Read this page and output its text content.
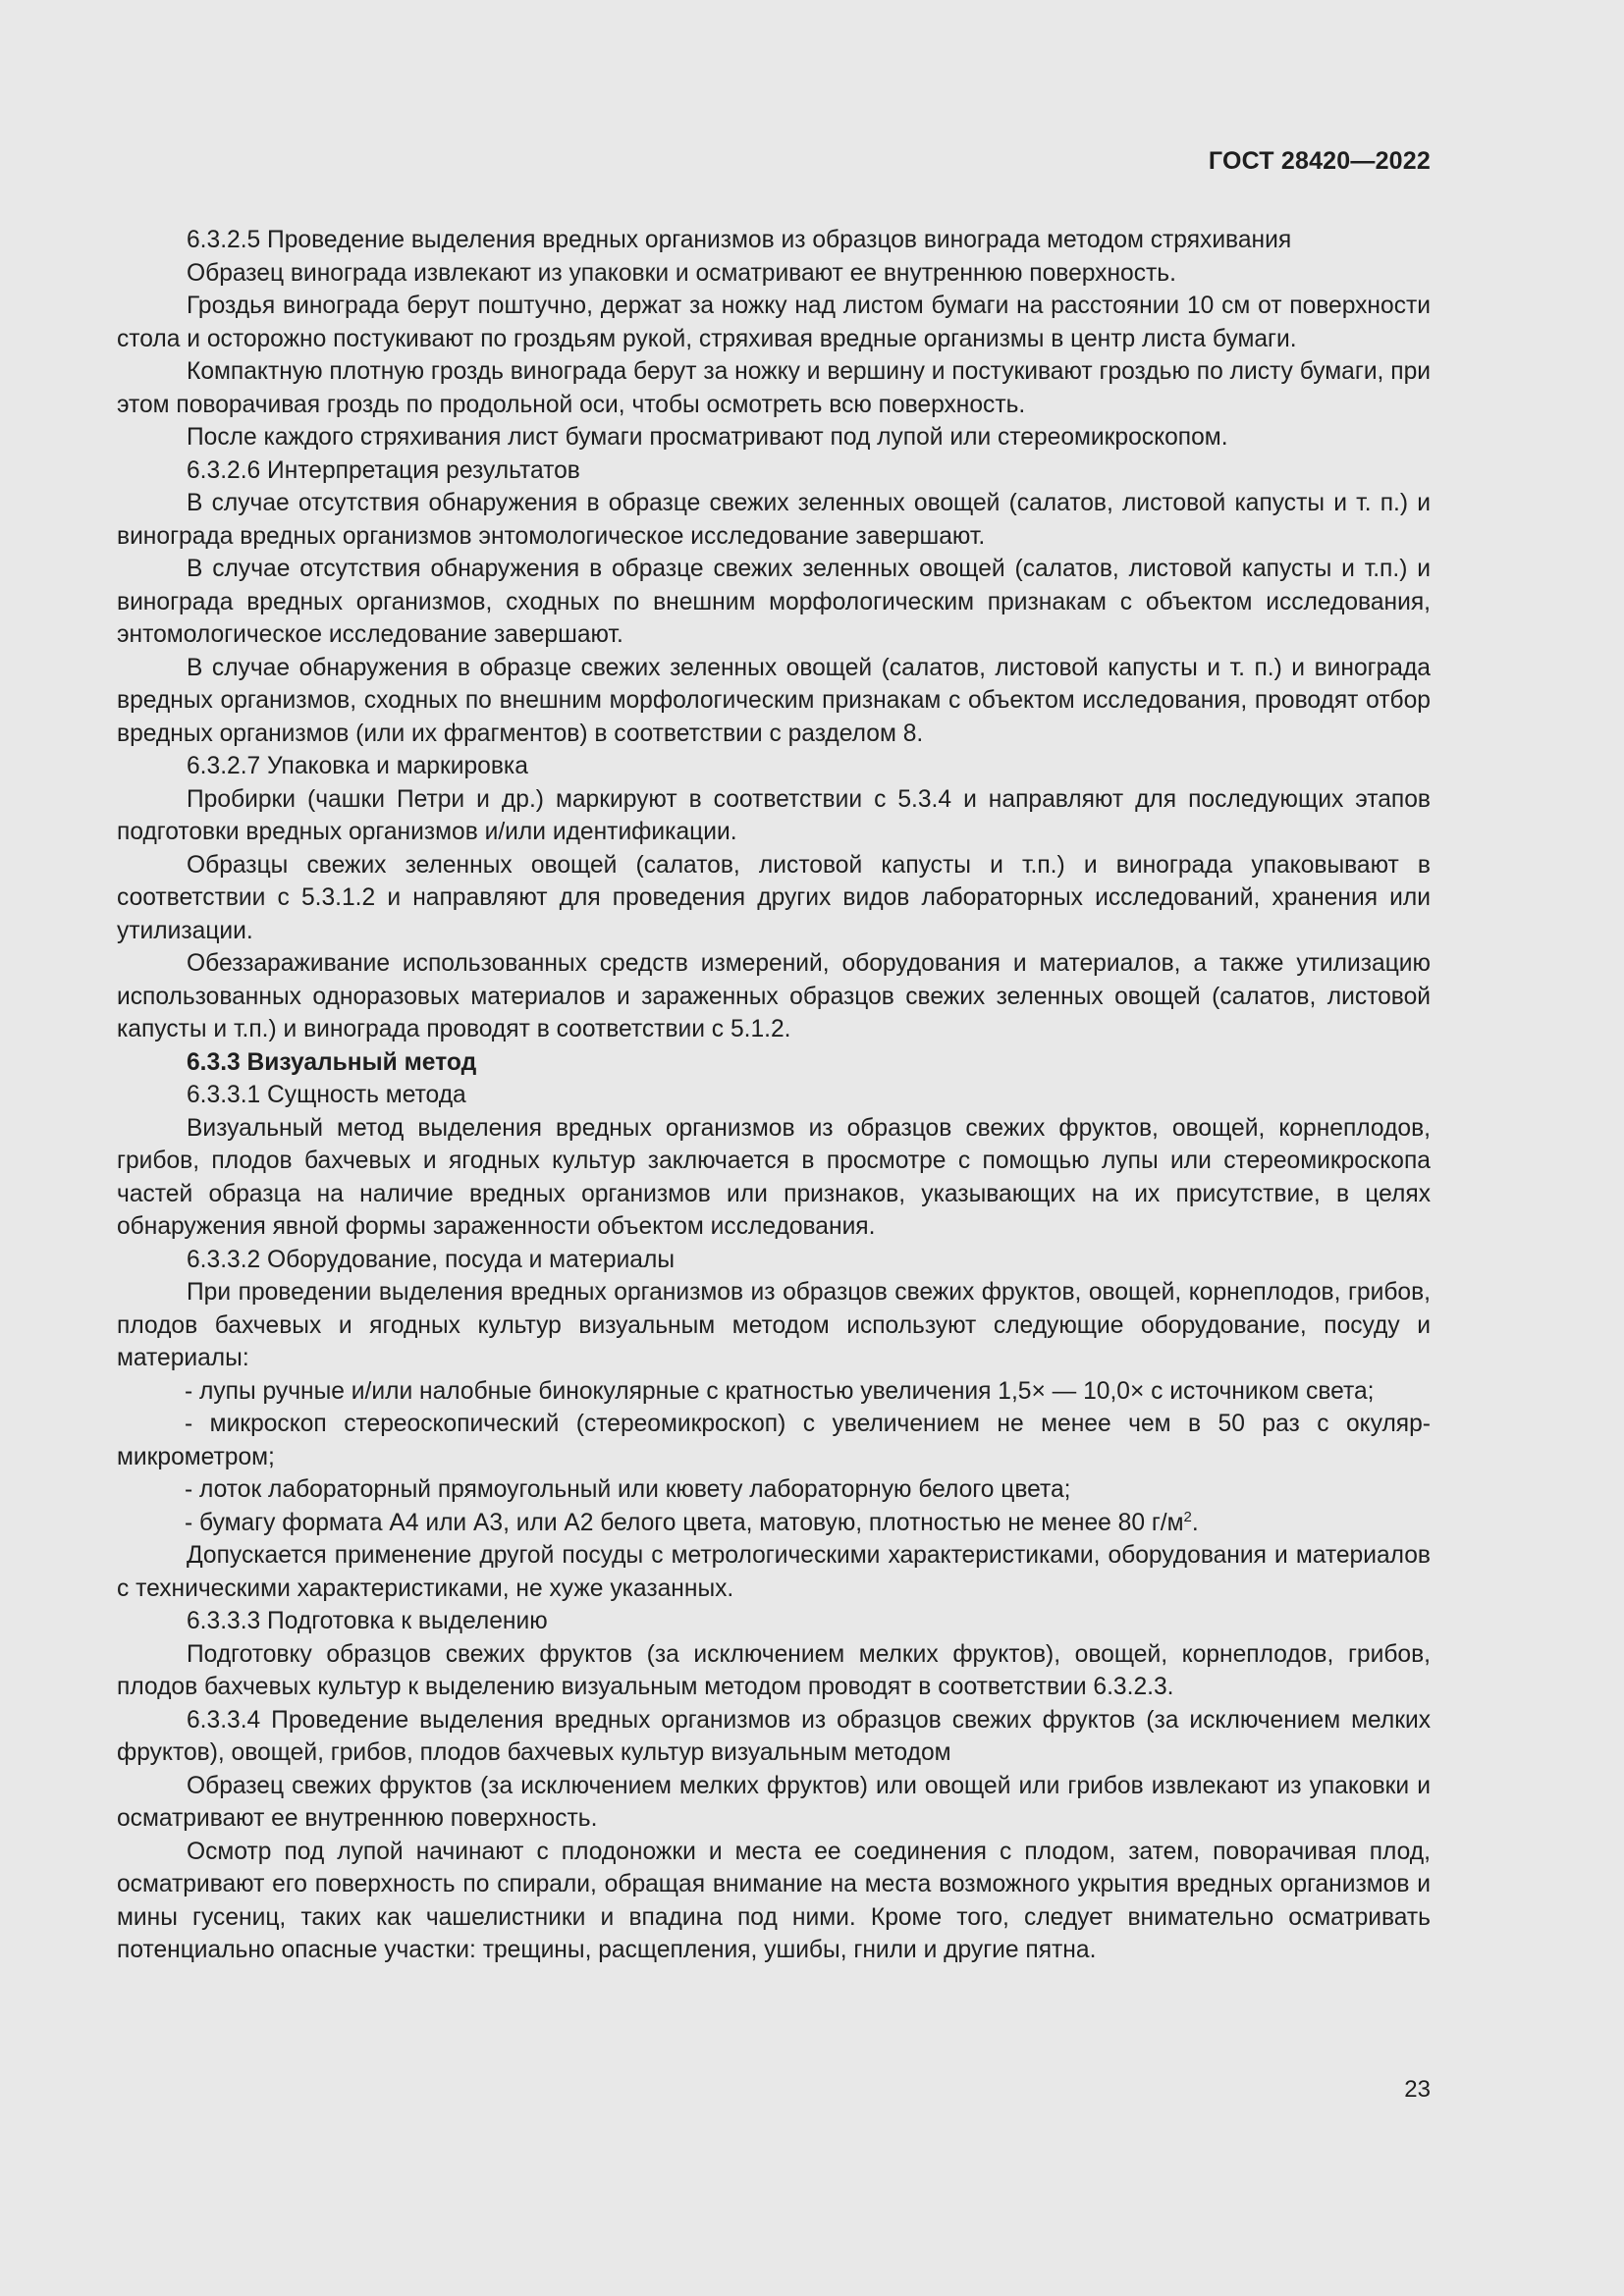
ГОСТ 28420—2022

6.3.2.5 Проведение выделения вредных организмов из образцов винограда методом стряхивания

Образец винограда извлекают из упаковки и осматривают ее внутреннюю поверхность.

Гроздья винограда берут поштучно, держат за ножку над листом бумаги на расстоянии 10 см от поверхности стола и осторожно постукивают по гроздьям рукой, стряхивая вредные организмы в центр листа бумаги.

Компактную плотную гроздь винограда берут за ножку и вершину и постукивают гроздью по листу бумаги, при этом поворачивая гроздь по продольной оси, чтобы осмотреть всю поверхность.

После каждого стряхивания лист бумаги просматривают под лупой или стереомикроскопом.

6.3.2.6 Интерпретация результатов

В случае отсутствия обнаружения в образце свежих зеленных овощей (салатов, листовой капусты и т. п.) и винограда вредных организмов энтомологическое исследование завершают.

В случае отсутствия обнаружения в образце свежих зеленных овощей (салатов, листовой капусты и т.п.) и винограда вредных организмов, сходных по внешним морфологическим признакам с объектом исследования, энтомологическое исследование завершают.

В случае обнаружения в образце свежих зеленных овощей (салатов, листовой капусты и т. п.) и винограда вредных организмов, сходных по внешним морфологическим признакам с объектом исследования, проводят отбор вредных организмов (или их фрагментов) в соответствии с разделом 8.

6.3.2.7 Упаковка и маркировка

Пробирки (чашки Петри и др.) маркируют в соответствии с 5.3.4 и направляют для последующих этапов подготовки вредных организмов и/или идентификации.

Образцы свежих зеленных овощей (салатов, листовой капусты и т.п.) и винограда упаковывают в соответствии с 5.3.1.2 и направляют для проведения других видов лабораторных исследований, хранения или утилизации.

Обеззараживание использованных средств измерений, оборудования и материалов, а также утилизацию использованных одноразовых материалов и зараженных образцов свежих зеленных овощей (салатов, листовой капусты и т.п.) и винограда проводят в соответствии с 5.1.2.

6.3.3 Визуальный метод

6.3.3.1 Сущность метода

Визуальный метод выделения вредных организмов из образцов свежих фруктов, овощей, корнеплодов, грибов, плодов бахчевых и ягодных культур заключается в просмотре с помощью лупы или стереомикроскопа частей образца на наличие вредных организмов или признаков, указывающих на их присутствие, в целях обнаружения явной формы зараженности объектом исследования.

6.3.3.2 Оборудование, посуда и материалы

При проведении выделения вредных организмов из образцов свежих фруктов, овощей, корнеплодов, грибов, плодов бахчевых и ягодных культур визуальным методом используют следующие оборудование, посуду и материалы:

- лупы ручные и/или налобные бинокулярные с кратностью увеличения 1,5× — 10,0× с источником света;

- микроскоп стереоскопический (стереомикроскоп) с увеличением не менее чем в 50 раз с окуляр-микрометром;

- лоток лабораторный прямоугольный или кювету лабораторную белого цвета;

- бумагу формата А4 или А3, или А2 белого цвета, матовую, плотностью не менее 80 $г/м^2$.

Допускается применение другой посуды с метрологическими характеристиками, оборудования и материалов с техническими характеристиками, не хуже указанных.

6.3.3.3 Подготовка к выделению

Подготовку образцов свежих фруктов (за исключением мелких фруктов), овощей, корнеплодов, грибов, плодов бахчевых культур к выделению визуальным методом проводят в соответствии 6.3.2.3.

6.3.3.4 Проведение выделения вредных организмов из образцов свежих фруктов (за исключением мелких фруктов), овощей, грибов, плодов бахчевых культур визуальным методом

Образец свежих фруктов (за исключением мелких фруктов) или овощей или грибов извлекают из упаковки и осматривают ее внутреннюю поверхность.

Осмотр под лупой начинают с плодоножки и места ее соединения с плодом, затем, поворачивая плод, осматривают его поверхность по спирали, обращая внимание на места возможного укрытия вредных организмов и мины гусениц, таких как чашелистники и впадина под ними. Кроме того, следует внимательно осматривать потенциально опасные участки: трещины, расщепления, ушибы, гнили и другие пятна.

23
